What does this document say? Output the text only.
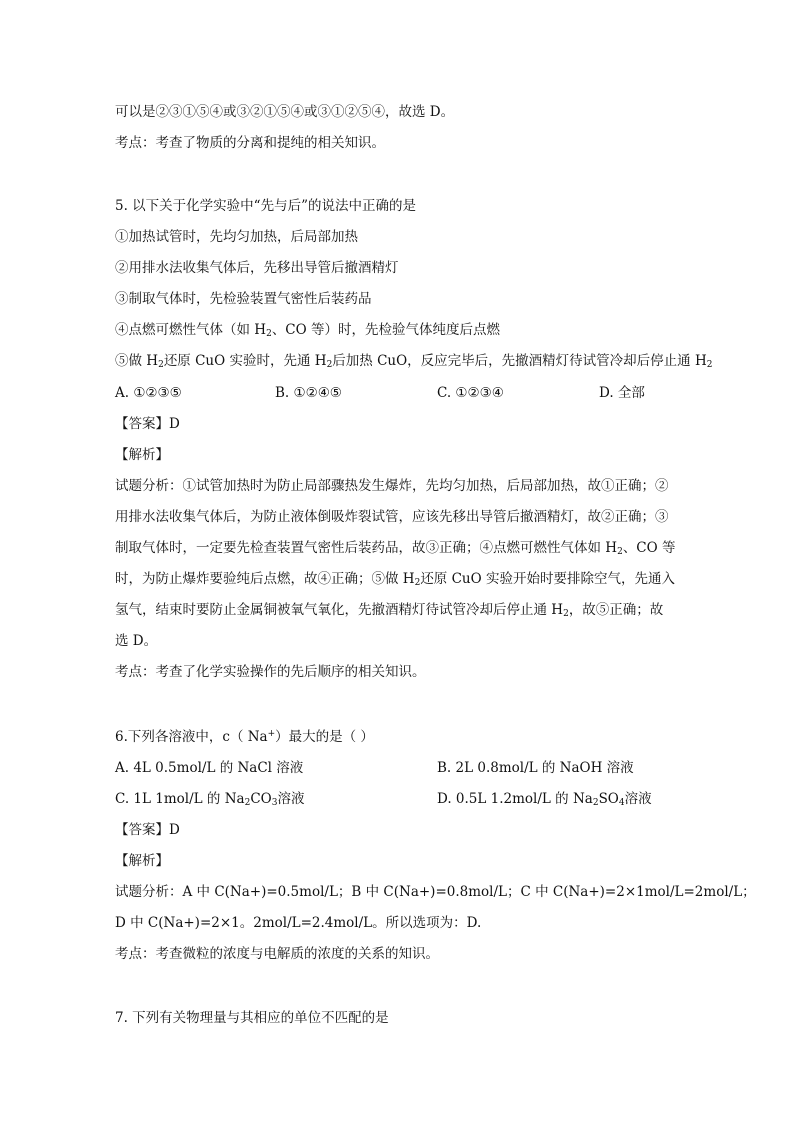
可以是②③①⑤④或③②①⑤④或③①②⑤④，故选 D。
考点：考查了物质的分离和提纯的相关知识。
5. 以下关于化学实验中“先与后”的说法中正确的是
①加热试管时，先均匀加热，后局部加热
②用排水法收集气体后，先移出导管后撤酒精灯
③制取气体时，先检验装置气密性后装药品
④点燃可燃性气体（如 $H_2$、CO 等）时，先检验气体纯度后点燃
⑤做 $H_2$还原 CuO 实验时，先通 $H_2$后加热 CuO，反应完毕后，先撤酒精灯待试管冷却后停止通 $H_2$
A. ①②③⑤	B. ①②④⑤	C. ①②③④	D. 全部
【答案】D
【解析】
试题分析：①试管加热时为防止局部骤热发生爆炸，先均匀加热，后局部加热，故①正确；②
用排水法收集气体后，为防止液体倒吸炸裂试管，应该先移出导管后撤酒精灯，故②正确；③
制取气体时，一定要先检查装置气密性后装药品，故③正确；④点燃可燃性气体如 $H_2$、CO 等
时，为防止爆炸要验纯后点燃，故④正确；⑤做 $H_2$还原 CuO 实验开始时要排除空气，先通入
氢气，结束时要防止金属铜被氧气氧化，先撤酒精灯待试管冷却后停止通 $H_2$，故⑤正确；故
选 D。
考点：考查了化学实验操作的先后顺序的相关知识。
6.下列各溶液中，c（ Na+）最大的是（ ）
A. 4L 0.5mol/L 的 NaCl 溶液	B. 2L 0.8mol/L 的 NaOH 溶液
C. 1L 1mol/L 的 $Na_2CO_3$溶液	D. 0.5L 1.2mol/L 的 $Na_2SO_4$溶液
【答案】D
【解析】
试题分析：A 中 C(Na+)=0.5mol/L；B 中 C(Na+)=0.8mol/L；C 中 C(Na+)=2×1mol/L=2mol/L；
D 中 C(Na+)=2×1。2mol/L=2.4mol/L。所以选项为：D.
考点：考查微粒的浓度与电解质的浓度的关系的知识。
7. 下列有关物理量与其相应的单位不匹配的是
